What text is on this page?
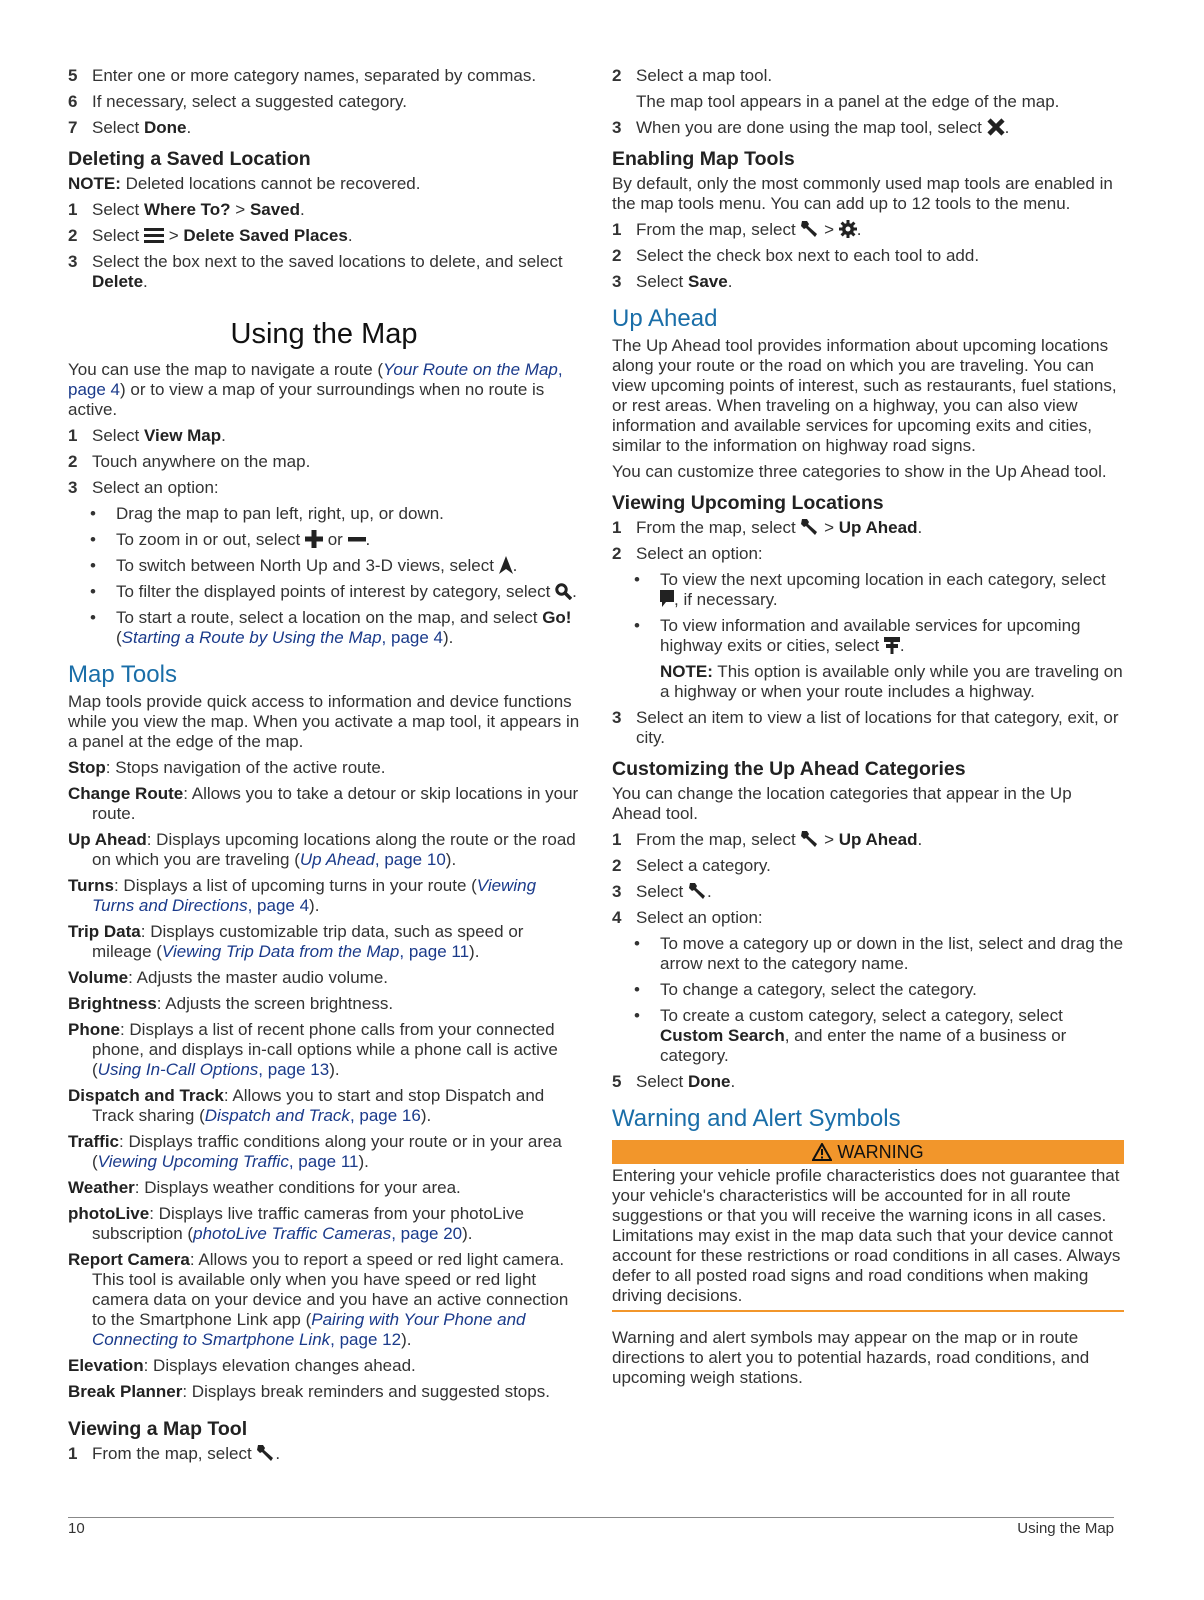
5 Enter one or more category names, separated by commas.
6 If necessary, select a suggested category.
7 Select Done.
Deleting a Saved Location

NOTE: Deleted locations cannot be recovered.

1 Select Where To? > Saved.
2 Select  > Delete Saved Places.
3 Select the box next to the saved locations to delete, and select Delete.
Using the Map

You can use the map to navigate a route (Your Route on the Map, page 4) or to view a map of your surroundings when no route is active.

1 Select View Map.
2 Touch anywhere on the map.
3 Select an option:
• Drag the map to pan left, right, up, or down.
• To zoom in or out, select  or .
• To switch between North Up and 3-D views, select .
• To filter the displayed points of interest by category, select .
• To start a route, select a location on the map, and select Go! (Starting a Route by Using the Map, page 4).
Map Tools

Map tools provide quick access to information and device functions while you view the map. When you activate a map tool, it appears in a panel at the edge of the map.

Stop: Stops navigation of the active route.

Change Route: Allows you to take a detour or skip locations in your route.

Up Ahead: Displays upcoming locations along the route or the road on which you are traveling (Up Ahead, page 10).

Turns: Displays a list of upcoming turns in your route (Viewing Turns and Directions, page 4).

Trip Data: Displays customizable trip data, such as speed or mileage (Viewing Trip Data from the Map, page 11).

Volume: Adjusts the master audio volume.

Brightness: Adjusts the screen brightness.

Phone: Displays a list of recent phone calls from your connected phone, and displays in-call options while a phone call is active (Using In-Call Options, page 13).

Dispatch and Track: Allows you to start and stop Dispatch and Track sharing (Dispatch and Track, page 16).

Traffic: Displays traffic conditions along your route or in your area (Viewing Upcoming Traffic, page 11).

Weather: Displays weather conditions for your area.

photoLive: Displays live traffic cameras from your photoLive subscription (photoLive Traffic Cameras, page 20).

Report Camera: Allows you to report a speed or red light camera. This tool is available only when you have speed or red light camera data on your device and you have an active connection to the Smartphone Link app (Pairing with Your Phone and Connecting to Smartphone Link, page 12).

Elevation: Displays elevation changes ahead.

Break Planner: Displays break reminders and suggested stops.

Viewing a Map Tool
1 From the map, select .
2 Select a map tool.

The map tool appears in a panel at the edge of the map.

3 When you are done using the map tool, select .
Enabling Map Tools

By default, only the most commonly used map tools are enabled in the map tools menu. You can add up to 12 tools to the menu.

1 From the map, select  > .
2 Select the check box next to each tool to add.
3 Select Save.
Up Ahead

The Up Ahead tool provides information about upcoming locations along your route or the road on which you are traveling. You can view upcoming points of interest, such as restaurants, fuel stations, or rest areas. When traveling on a highway, you can also view information and available services for upcoming exits and cities, similar to the information on highway road signs.

You can customize three categories to show in the Up Ahead tool.

Viewing Upcoming Locations
1 From the map, select  > Up Ahead.
2 Select an option:
• To view the next upcoming location in each category, select , if necessary.
• To view information and available services for upcoming highway exits or cities, select .

NOTE: This option is available only while you are traveling on a highway or when your route includes a highway.

3 Select an item to view a list of locations for that category, exit, or city.
Customizing the Up Ahead Categories

You can change the location categories that appear in the Up Ahead tool.

1 From the map, select  > Up Ahead.
2 Select a category.
3 Select .
4 Select an option:
• To move a category up or down in the list, select and drag the arrow next to the category name.
• To change a category, select the category.
• To create a custom category, select a category, select Custom Search, and enter the name of a business or category.
5 Select Done.
Warning and Alert Symbols
WARNING
Entering your vehicle profile characteristics does not guarantee that your vehicle's characteristics will be accounted for in all route suggestions or that you will receive the warning icons in all cases. Limitations may exist in the map data such that your device cannot account for these restrictions or road conditions in all cases. Always defer to all posted road signs and road conditions when making driving decisions.

Warning and alert symbols may appear on the map or in route directions to alert you to potential hazards, road conditions, and upcoming weigh stations.

10	Using the Map
